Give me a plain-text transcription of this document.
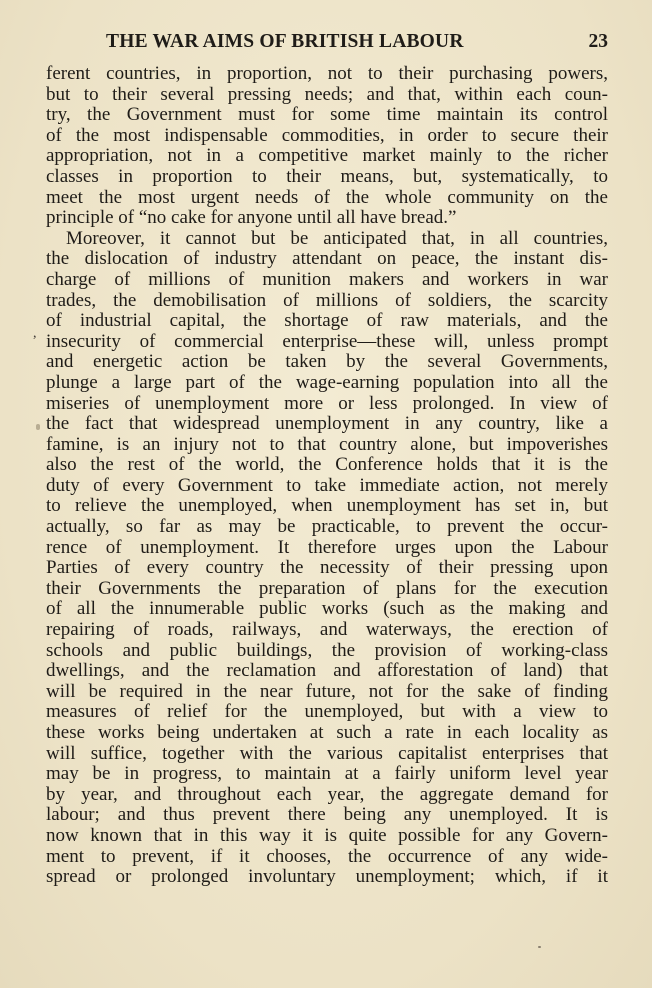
THE WAR AIMS OF BRITISH LABOUR	23
,
ferent countries, in proportion, not to their purchasing powers,
but to their several pressing needs; and that, within each coun-
try, the Government must for some time maintain its control
of the most indispensable commodities, in order to secure their
appropriation, not in a competitive market mainly to the richer
classes in proportion to their means, but, systematically, to
meet the most urgent needs of the whole community on the
principle of “no cake for anyone until all have bread.”
Moreover, it cannot but be anticipated that, in all countries,
the dislocation of industry attendant on peace, the instant dis-
charge of millions of munition makers and workers in war
trades, the demobilisation of millions of soldiers, the scarcity
of industrial capital, the shortage of raw materials, and the
insecurity of commercial enterprise—these will, unless prompt
and energetic action be taken by the several Governments,
plunge a large part of the wage-earning population into all the
miseries of unemployment more or less prolonged. In view of
the fact that widespread unemployment in any country, like a
famine, is an injury not to that country alone, but impoverishes
also the rest of the world, the Conference holds that it is the
duty of every Government to take immediate action, not merely
to relieve the unemployed, when unemployment has set in, but
actually, so far as may be practicable, to prevent the occur-
rence of unemployment. It therefore urges upon the Labour
Parties of every country the necessity of their pressing upon
their Governments the preparation of plans for the execution
of all the innumerable public works (such as the making and
repairing of roads, railways, and waterways, the erection of
schools and public buildings, the provision of working-class
dwellings, and the reclamation and afforestation of land) that
will be required in the near future, not for the sake of finding
measures of relief for the unemployed, but with a view to
these works being undertaken at such a rate in each locality as
will suffice, together with the various capitalist enterprises that
may be in progress, to maintain at a fairly uniform level year
by year, and throughout each year, the aggregate demand for
labour; and thus prevent there being any unemployed. It is
now known that in this way it is quite possible for any Govern-
ment to prevent, if it chooses, the occurrence of any wide-
spread or prolonged involuntary unemployment; which, if it
